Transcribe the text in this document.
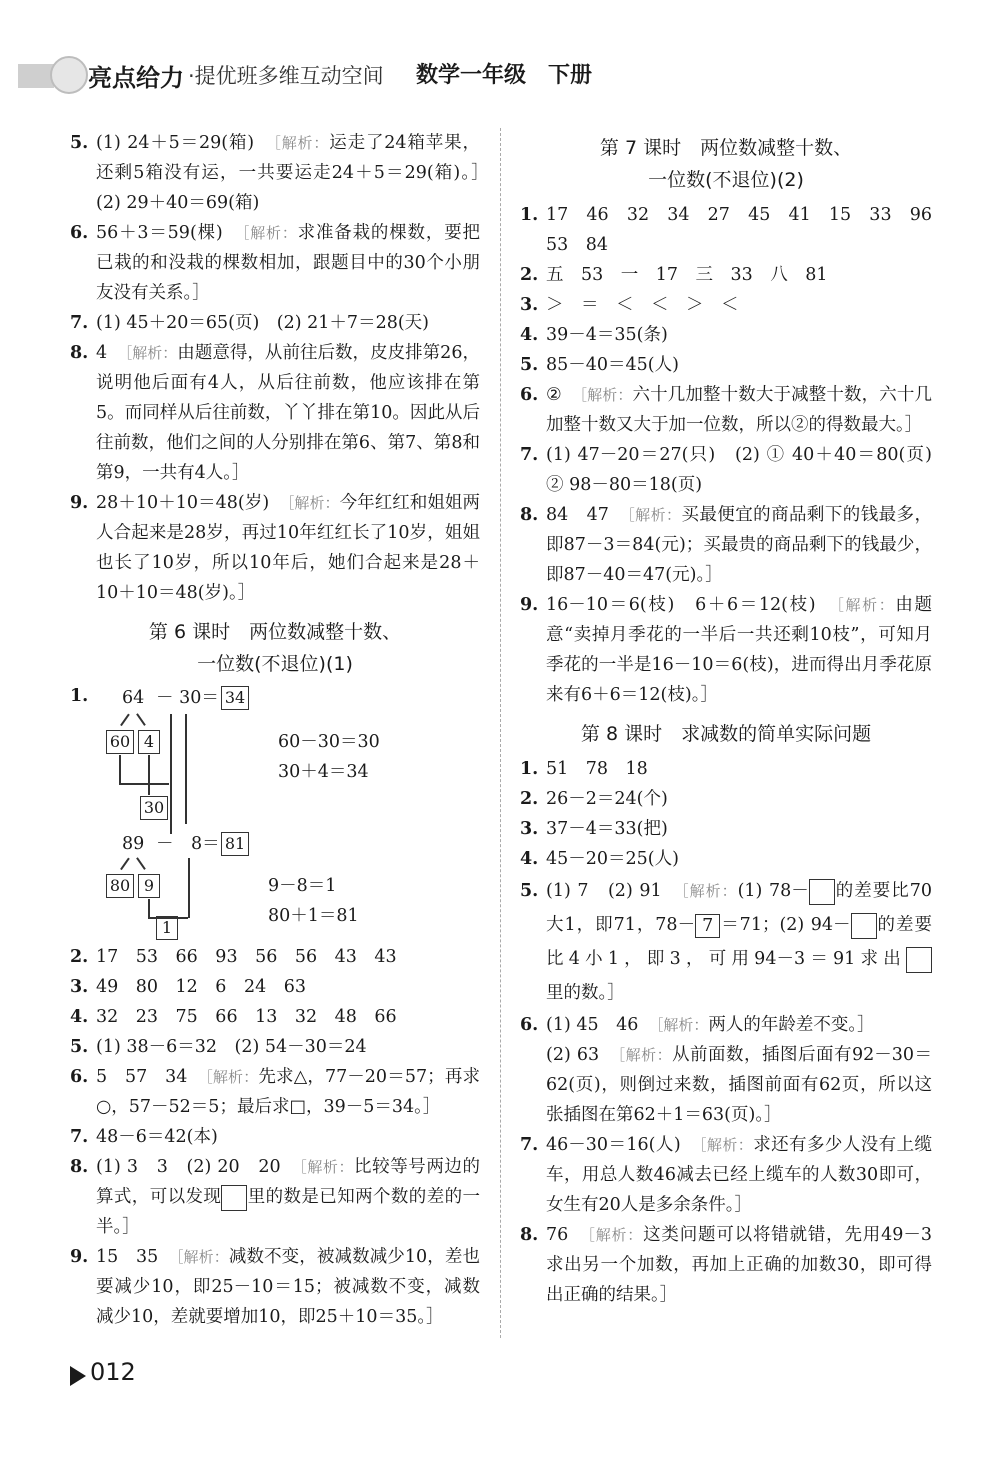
亮点给力 ·提优班多维互动空间 数学一年级　下册
5. (1) 24＋5＝29(箱)　［解析：运走了24箱苹果，还剩5箱没有运，一共要运走24＋5＝29(箱)。］　(2) 29＋40＝69(箱)
6. 56＋3＝59(棵)　［解析：求准备栽的棵数，要把已栽的和没栽的棵数相加，跟题目中的30个小朋友没有关系。］
7. (1) 45＋20＝65(页)　(2) 21＋7＝28(天)
8. 4　［解析：由题意得，从前往后数，皮皮排第26，说明他后面有4人，从后往前数，他应该排在第5。而同样从后往前数，丫丫排在第10。因此从后往前数，他们之间的人分别排在第6、第7、第8和第9，一共有4人。］
9. 28＋10＋10＝48(岁)　［解析：今年红红和姐姐两人合起来是28岁，再过10年红红长了10岁，姐姐也长了10岁，所以10年后，她们合起来是28＋10＋10＝48(岁)。］
第 6 课时　两位数减整十数、
一位数(不退位)(1)
1. 64 － 30＝ 34
60 4
30
60－30＝30
30＋4＝34
89 －　8＝ 81
80 9
1
9－8＝1
80＋1＝81
2. 17　53　66　93　56　56　43　43
3. 49　80　12　6　24　63
4. 32　23　75　66　13　32　48　66
5. (1) 38－6＝32　(2) 54－30＝24
6. 5　57　34　［解析：先求△，77－20＝57；再求○，57－52＝5；最后求□，39－5＝34。］
7. 48－6＝42(本)
8. (1) 3　3　(2) 20　20　［解析：比较等号两边的算式，可以发现 里的数是已知两个数的差的一半。］
9. 15　35　［解析：减数不变，被减数减少10，差也要减少10，即25－10＝15；被减数不变，减数减少10，差就要增加10，即25＋10＝35。］
第 7 课时　两位数减整十数、
一位数(不退位)(2)
1. 17　46　32　34　27　45　41　15　33　96　53　84
2. 五　53　一　17　三　33　八　81
3. ＞　＝　＜　＜　＞　＜
4. 39－4＝35(条)
5. 85－40＝45(人)
6. ②　［解析：六十几加整十数大于减整十数，六十几加整十数又大于加一位数，所以②的得数最大。］
7. (1) 47－20＝27(只)　(2) ① 40＋40＝80(页)　② 98－80＝18(页)
8. 84　47　［解析：买最便宜的商品剩下的钱最多，即87－3＝84(元)；买最贵的商品剩下的钱最少，即87－40＝47(元)。］
9. 16－10＝6(枝)　6＋6＝12(枝)　［解析：由题意“卖掉月季花的一半后一共还剩10枝”，可知月季花的一半是16－10＝6(枝)，进而得出月季花原来有6＋6＝12(枝)。］
第 8 课时　求减数的简单实际问题
1. 51　78　18
2. 26－2＝24(个)
3. 37－4＝33(把)
4. 45－20＝25(人)
5. (1) 7　(2) 91　［解析：(1) 78－ 的差要比70大1，即71，78－ 7 ＝71；(2) 94－ 的差要比4小1，即3，可用94－3＝91求出里的数。］
6. (1) 45　46　［解析：两人的年龄差不变。］
(2) 63　［解析：从前面数，插图后面有92－30＝62(页)，则倒过来数，插图前面有62页，所以这张插图在第62＋1＝63(页)。］
7. 46－30＝16(人)　［解析：求还有多少人没有上缆车，用总人数46减去已经上缆车的人数30即可，女生有20人是多余条件。］
8. 76　［解析：这类问题可以将错就错，先用49－3求出另一个加数，再加上正确的加数30，即可得出正确的结果。］
012
